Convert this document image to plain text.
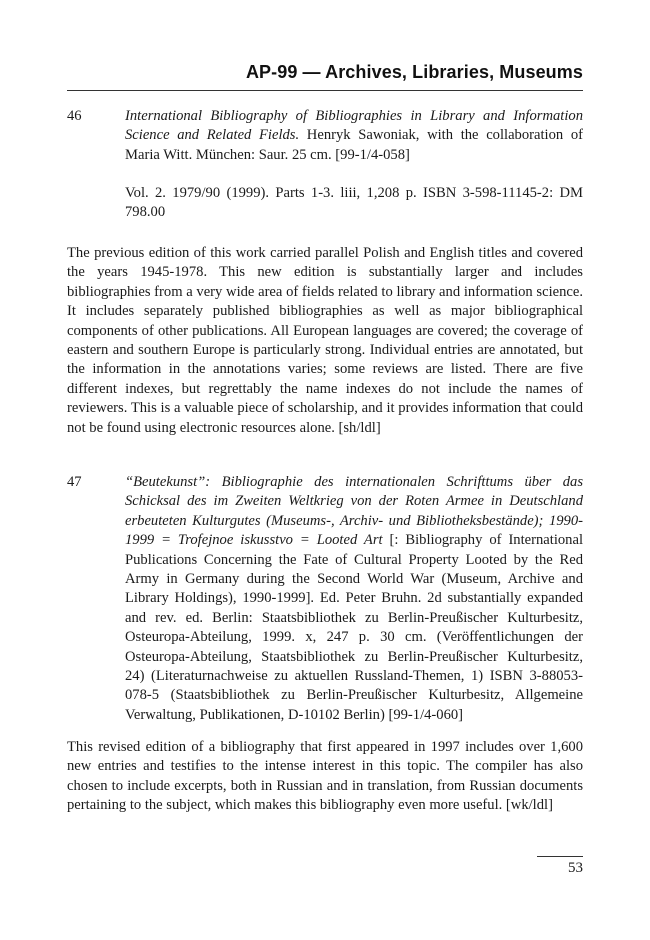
AP-99 — Archives, Libraries, Museums
46	International Bibliography of Bibliographies in Library and Information Science and Related Fields. Henryk Sawoniak, with the collaboration of Maria Witt. München: Saur. 25 cm. [99-1/4-058]
Vol. 2. 1979/90 (1999). Parts 1-3. liii, 1,208 p. ISBN 3-598-11145-2: DM 798.00
The previous edition of this work carried parallel Polish and English titles and covered the years 1945-1978. This new edition is substantially larger and includes bibliographies from a very wide area of fields related to library and information science. It includes separately published bibliographies as well as major bibliographical components of other publications. All European languages are covered; the coverage of eastern and southern Europe is particularly strong. Individual entries are annotated, but the information in the annotations varies; some reviews are listed. There are five different indexes, but regrettably the name indexes do not include the names of reviewers. This is a valuable piece of scholarship, and it provides information that could not be found using electronic resources alone. [sh/ldl]
47	“Beutekunst”: Bibliographie des internationalen Schrifttums über das Schicksal des im Zweiten Weltkrieg von der Roten Armee in Deutschland erbeuteten Kulturgutes (Museums-, Archiv- und Bibliotheksbestände); 1990-1999 = Trofejnoe iskusstvo = Looted Art [: Bibliography of International Publications Concerning the Fate of Cultural Property Looted by the Red Army in Germany during the Second World War (Museum, Archive and Library Holdings), 1990-1999]. Ed. Peter Bruhn. 2d substantially expanded and rev. ed. Berlin: Staatsbibliothek zu Berlin-Preußischer Kulturbesitz, Osteuropa-Abteilung, 1999. x, 247 p. 30 cm. (Veröffentlichungen der Osteuropa-Abteilung, Staatsbibliothek zu Berlin-Preußischer Kulturbesitz, 24) (Literaturnachweise zu aktuellen Russland-Themen, 1) ISBN 3-88053-078-5 (Staatsbibliothek zu Berlin-Preußischer Kulturbesitz, Allgemeine Verwaltung, Publikationen, D-10102 Berlin) [99-1/4-060]
This revised edition of a bibliography that first appeared in 1997 includes over 1,600 new entries and testifies to the intense interest in this topic. The compiler has also chosen to include excerpts, both in Russian and in translation, from Russian documents pertaining to the subject, which makes this bibliography even more useful. [wk/ldl]
53
